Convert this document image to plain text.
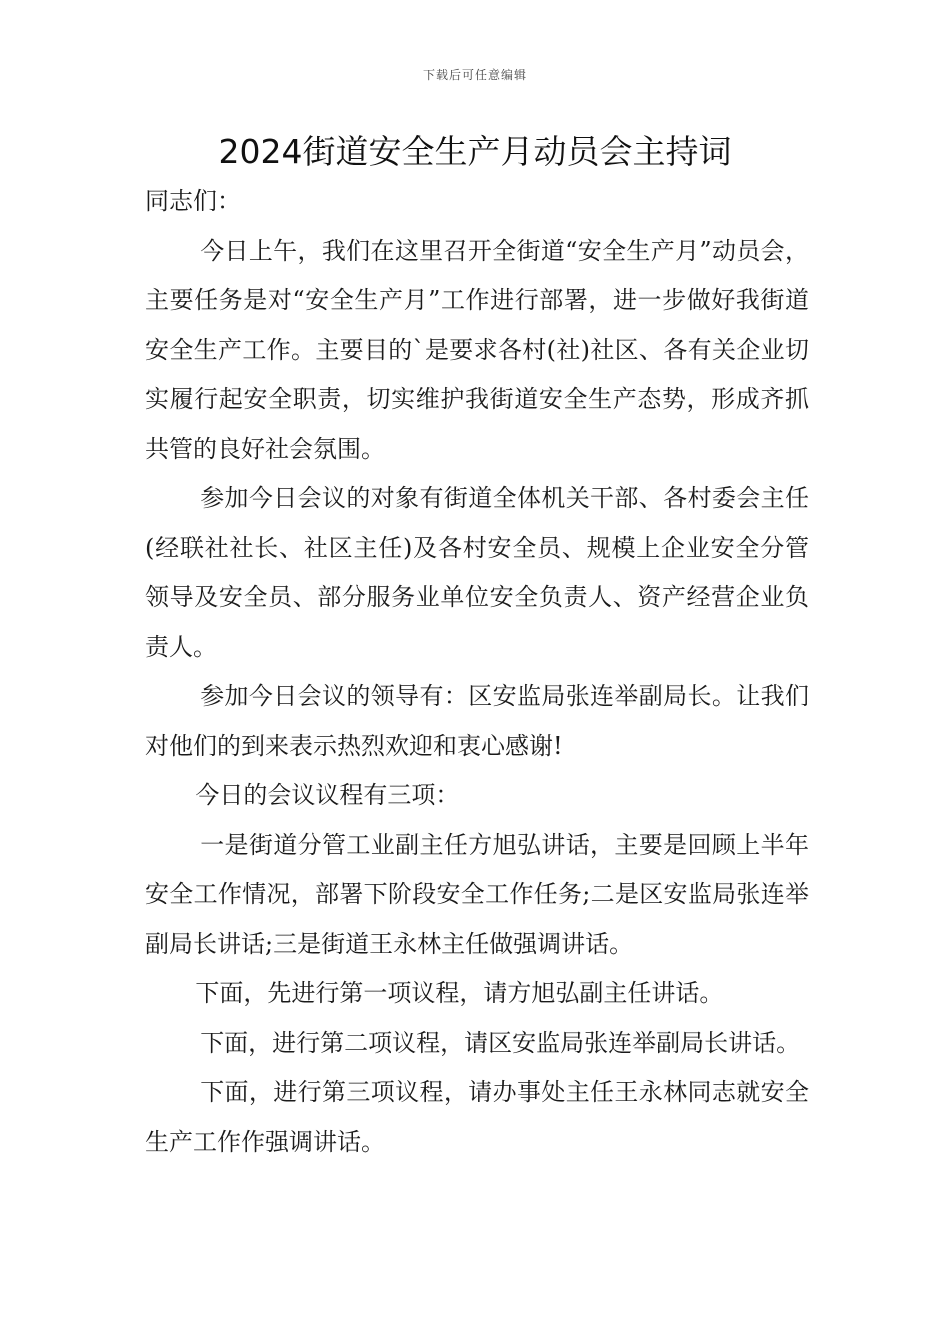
下载后可任意编辑
2024街道安全生产月动员会主持词

同志们：

今日上午，我们在这里召开全街道“安全生产月”动员会，主要任务是对“安全生产月”工作进行部署，进一步做好我街道安全生产工作。主要目的`是要求各村(社)社区、各有关企业切实履行起安全职责，切实维护我街道安全生产态势，形成齐抓共管的良好社会氛围。

参加今日会议的对象有街道全体机关干部、各村委会主任(经联社社长、社区主任)及各村安全员、规模上企业安全分管领导及安全员、部分服务业单位安全负责人、资产经营企业负责人。

参加今日会议的领导有：区安监局张连举副局长。让我们对他们的到来表示热烈欢迎和衷心感谢!

今日的会议议程有三项：

一是街道分管工业副主任方旭弘讲话，主要是回顾上半年安全工作情况，部署下阶段安全工作任务;二是区安监局张连举副局长讲话;三是街道王永林主任做强调讲话。

下面，先进行第一项议程，请方旭弘副主任讲话。

下面，进行第二项议程，请区安监局张连举副局长讲话。

下面，进行第三项议程，请办事处主任王永林同志就安全生产工作作强调讲话。
